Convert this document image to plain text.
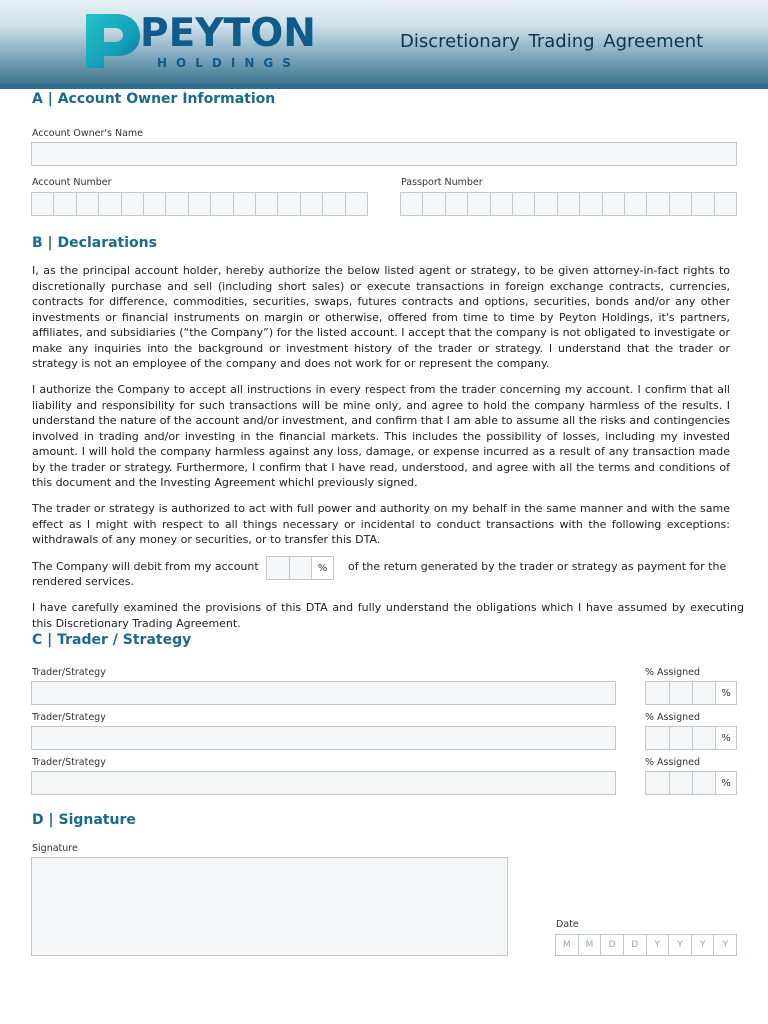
PEYTON
HOLDINGS
Discretionary Trading Agreement
A | Account Owner Information
Account Owner's Name
Account Number	Passport Number
B | Declarations

I, as the principal account holder, hereby authorize the below listed agent or strategy, to be given attorney-in-fact rights to discretionally purchase and sell (including short sales) or execute transactions in foreign exchange contracts, currencies, contracts for difference, commodities, securities, swaps, futures contracts and options, securities, bonds and/or any other investments or financial instruments on margin or otherwise, offered from time to time by Peyton Holdings, it's partners, affiliates, and subsidiaries (“the Company”) for the listed account. I accept that the company is not obligated to investigate or make any inquiries into the background or investment history of the trader or strategy. I understand that the trader or strategy is not an employee of the company and does not work for or represent the company.

I authorize the Company to accept all instructions in every respect from the trader concerning my account. I confirm that all liability and responsibility for such transactions will be mine only, and agree to hold the company harmless of the results. I understand the nature of the account and/or investment, and confirm that I am able to assume all the risks and contingencies involved in trading and/or investing in the financial markets. This includes the possibility of losses, including my invested amount. I will hold the company harmless against any loss, damage, or expense incurred as a result of any transaction made by the trader or strategy. Furthermore, I confirm that I have read, understood, and agree with all the terms and conditions of this document and the Investing Agreement whichl previously signed.

The trader or strategy is authorized to act with full power and authority on my behalf in the same manner and with the same effect as I might with respect to all things necessary or incidental to conduct transactions with the following exceptions: withdrawals of any money or securities, or to transfer this DTA.

The Company will debit from my account	%	of the return generated by the trader or strategy as payment for the
rendered services.

I have carefully examined the provisions of this DTA and fully understand the obligations which I have assumed by executing this Discretionary Trading Agreement.

C | Trader / Strategy
Trader/Strategy	% Assigned
%
Trader/Strategy	% Assigned
%
Trader/Strategy	% Assigned
%
D | Signature
Signature
Date
M	M	D	D	Y	Y	Y	Y
